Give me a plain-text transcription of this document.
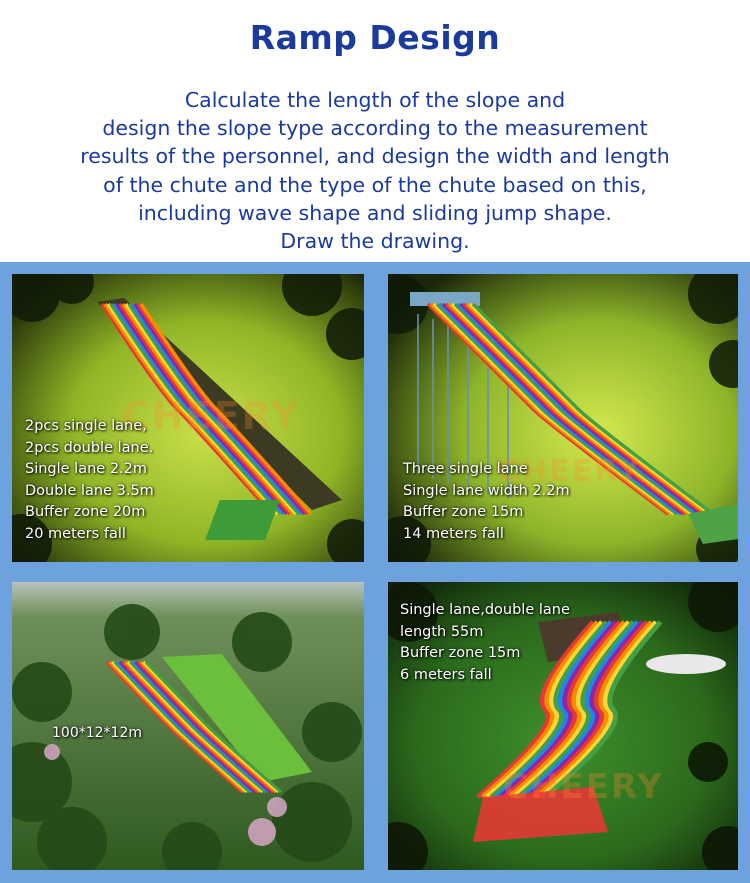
Ramp Design
Calculate the length of the slope and
design the slope type according to the measurement
results of the personnel, and design the width and length
of the chute and the type of the chute based on this,
including wave shape and sliding jump shape.
Draw the drawing.
CHEERY
2pcs single lane,
2pcs double lane.
Single lane 2.2m
Double lane 3.5m
Buffer zone 20m
20 meters fall
CHEERY
Three single lane
Single lane width 2.2m
Buffer zone 15m
14 meters fall
100*12*12m
CHEERY
Single lane,double lane
length 55m
Buffer zone 15m
6 meters fall
